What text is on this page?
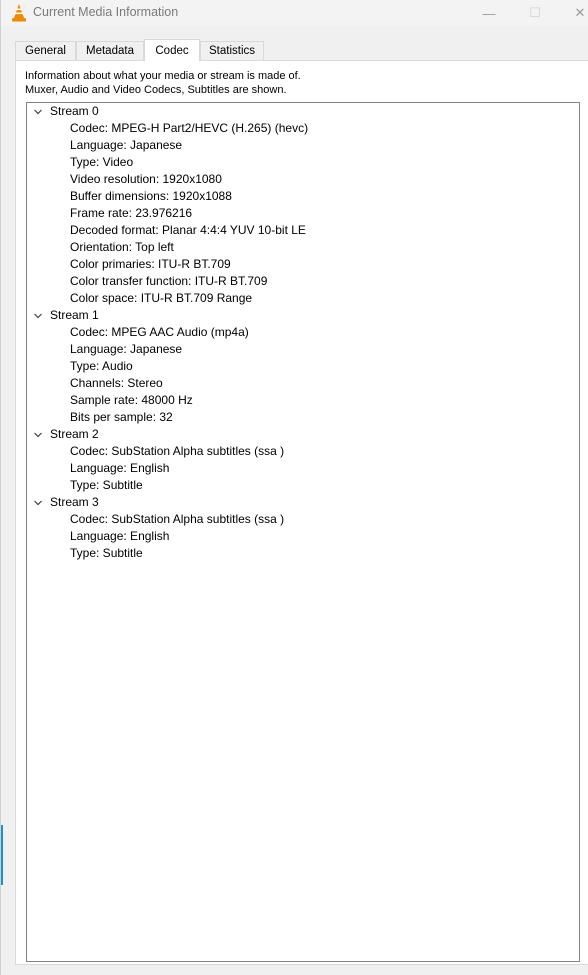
Current Media Information	—	☐	✕
General Metadata Codec Statistics
Information about what your media or stream is made of.
Muxer, Audio and Video Codecs, Subtitles are shown.
Stream 0
Codec: MPEG-H Part2/HEVC (H.265) (hevc)
Language: Japanese
Type: Video
Video resolution: 1920x1080
Buffer dimensions: 1920x1088
Frame rate: 23.976216
Decoded format: Planar 4:4:4 YUV 10-bit LE
Orientation: Top left
Color primaries: ITU-R BT.709
Color transfer function: ITU-R BT.709
Color space: ITU-R BT.709 Range
Stream 1
Codec: MPEG AAC Audio (mp4a)
Language: Japanese
Type: Audio
Channels: Stereo
Sample rate: 48000 Hz
Bits per sample: 32
Stream 2
Codec: SubStation Alpha subtitles (ssa )
Language: English
Type: Subtitle
Stream 3
Codec: SubStation Alpha subtitles (ssa )
Language: English
Type: Subtitle
